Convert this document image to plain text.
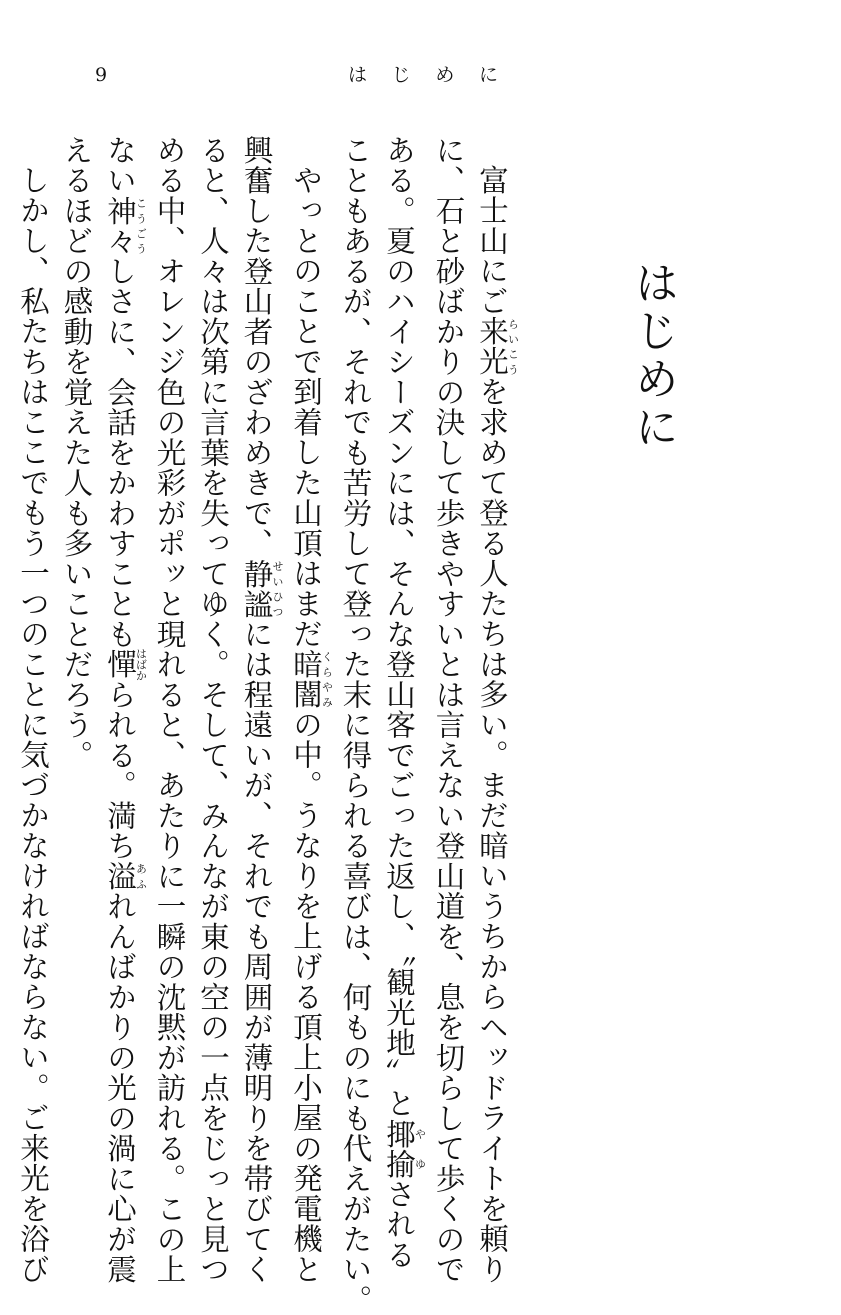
9	は じ め に
はじめに
富士山にご来光らいこうを求めて登る人たちは多い。まだ暗いうちからヘッドライトを頼り
に、石と砂ばかりの決して歩きやすいとは言えない登山道を、息を切らして歩くので
ある。夏のハイシーズンには、そんな登山客でごった返し、〝観光地〟と揶揄やゆされる
こともあるが、それでも苦労して登った末に得られる喜びは、何ものにも代えがたい。
やっとのことで到着した山頂はまだ暗闇くらやみの中。うなりを上げる頂上小屋の発電機と
興奮した登山者のざわめきで、静謐せいひつには程遠いが、それでも周囲が薄明りを帯びてく
ると、人々は次第に言葉を失ってゆく。そして、みんなが東の空の一点をじっと見つ
める中、オレンジ色の光彩がポッと現れると、あたりに一瞬の沈黙が訪れる。この上
ない神々こうごうしさに、会話をかわすことも憚はばかられる。満ち溢あふれんばかりの光の渦に心が震
えるほどの感動を覚えた人も多いことだろう。
しかし、私たちはここでもう一つのことに気づかなければならない。ご来光を浴び
